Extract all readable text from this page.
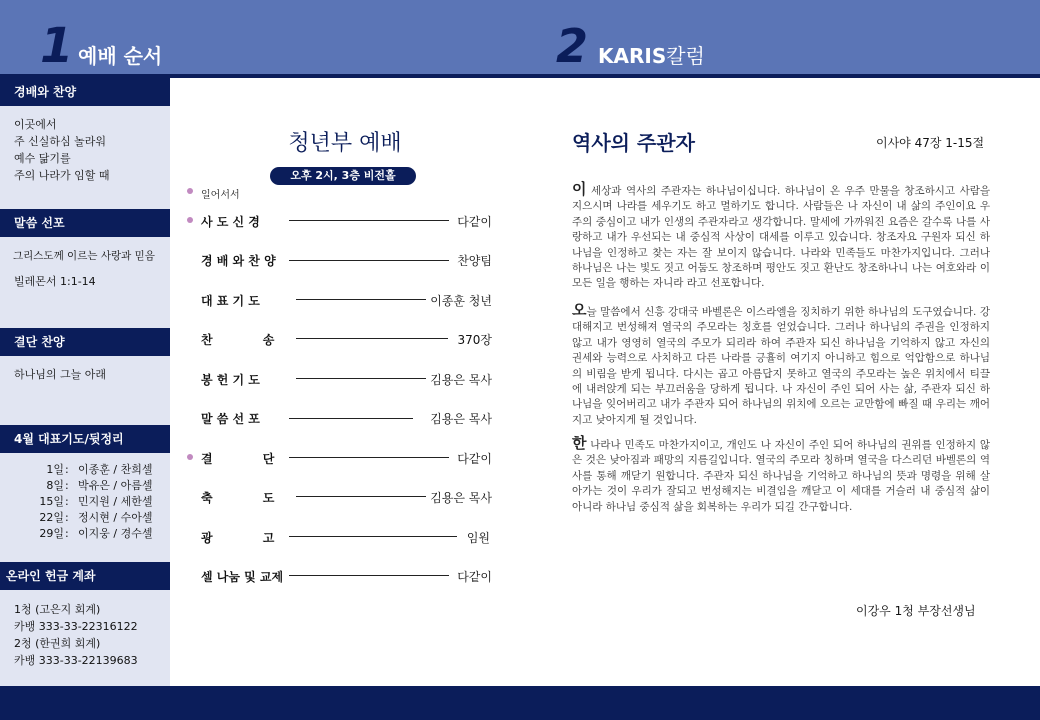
1 예배 순서	2 KARIS칼럼
경배와 찬양
이곳에서
주 신실하심 놀라워
예수 닮기를
주의 나라가 임할 때
말씀 선포
그리스도께 이르는 사랑과 믿음
빌레몬서 1:1-14
결단 찬양
하나님의 그늘 아래
4월 대표기도/뒷정리
1일 : 이종훈 / 찬희셀
8일 : 박유은 / 아름셀
15일 : 민지원 / 세한셀
22일 : 정시현 / 수아셀
29일 : 이지웅 / 경수셀
온라인 헌금 계좌
1청 (고은지 회계)
카뱅 333-33-22316122
2청 (한권희 회계)
카뱅 333-33-22139683
청년부 예배
오후 2시, 3층 비전홀
일어서서
사 도 신 경	다같이
경 배 와 찬 양	찬양팀
대 표 기 도	이종훈 청년
찬            송	370장
봉 헌 기 도	김용은 목사
말 씀 선 포	김용은 목사
결            단	다같이
축            도	김용은 목사
광            고	임원
셀 나눔 및 교제	다같이
역사의 주관자	이사야 47장 1-15절
이 세상과 역사의 주관자는 하나님이십니다. 하나님이 온 우주 만물을 창조하시고 사람을 지으시며 나라를 세우기도 하고 멸하기도 합니다. 사람들은 나 자신이 내 삶의 주인이요 우주의 중심이고 내가 인생의 주관자라고 생각합니다. 말세에 가까워진 요즘은 갈수록 나를 사랑하고 내가 우선되는 내 중심적 사상이 대세를 이루고 있습니다. 창조자요 구원자 되신 하나님을 인정하고 찾는 자는 잘 보이지 않습니다. 나라와 민족들도 마찬가지입니다. 그러나 하나님은 나는 빛도 짓고 어둠도 창조하며 평안도 짓고 환난도 창조하나니 나는 여호와라 이 모든 일을 행하는 자니라 라고 선포합니다.
오늘 말씀에서 신흥 강대국 바벨론은 이스라엘을 징치하기 위한 하나님의 도구였습니다. 강대해지고 번성해져 열국의 주모라는 칭호를 얻었습니다. 그러나 하나님의 주권을 인정하지 않고 내가 영영히 열국의 주모가 되리라 하여 주관자 되신 하나님을 기억하지 않고 자신의 권세와 능력으로 사치하고 다른 나라를 긍휼히 여기지 아니하고 힘으로 억압함으로 하나님의 비림을 받게 됩니다. 다시는 곱고 아름답지 못하고 열국의 주모라는 높은 위치에서 티끌에 내려앉게 되는 부끄러움을 당하게 됩니다. 나 자신이 주인 되어 사는 삶, 주관자 되신 하나님을 잊어버리고 내가 주관자 되어 하나님의 위치에 오르는 교만함에 빠질 때 우리는 깨어지고 낮아지게 될 것입니다.
한 나라나 민족도 마찬가지이고, 개인도 나 자신이 주인 되어 하나님의 권위를 인정하지 않은 것은 낮아짐과 패망의 지름길입니다. 열국의 주모라 칭하며 열국을 다스리던 바벨론의 역사를 통해 깨닫기 원합니다. 주관자 되신 하나님을 기억하고 하나님의 뜻과 명령을 위해 살아가는 것이 우리가 잘되고 번성해지는 비결임을 깨닫고 이 세대를 거슬러 내 중심적 삶이 아니라 하나님 중심적 삶을 회복하는 우리가 되길 간구합니다.
이강우 1청 부장선생님
